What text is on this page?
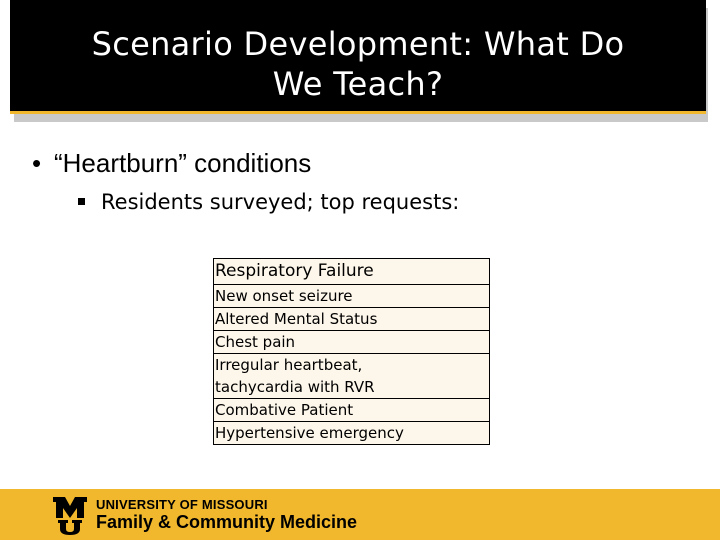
Scenario Development: What Do
We Teach?
• “Heartburn” conditions
Residents surveyed; top requests:
Respiratory Failure
New onset seizure
Altered Mental Status
Chest pain

Irregular heartbeat,
tachycardia with RVR

Combative Patient
Hypertensive emergency
UNIVERSITY OF MISSOURI
Family & Community Medicine
